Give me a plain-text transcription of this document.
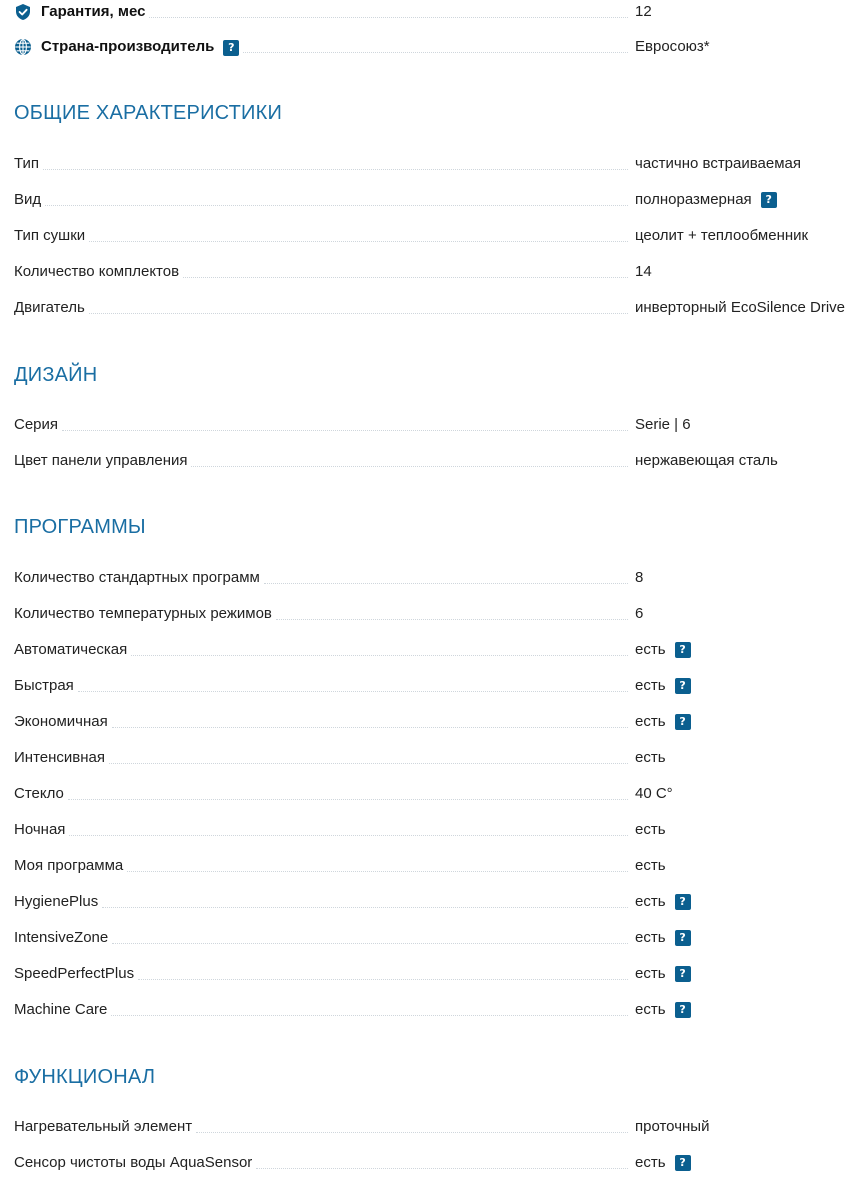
Гарантия, мес	12
Страна-производитель ?	Евросоюз*
ОБЩИЕ ХАРАКТЕРИСТИКИ
Тип	частично встраиваемая
Вид	полноразмерная	?
Тип сушки	цеолит + теплообменник
Количество комплектов	14
Двигатель	инверторный EcoSilence Drive
ДИЗАЙН
Серия	Serie | 6
Цвет панели управления	нержавеющая сталь
ПРОГРАММЫ
Количество стандартных программ	8
Количество температурных режимов	6
Автоматическая	есть	?
Быстрая	есть	?
Экономичная	есть	?
Интенсивная	есть
Стекло	40 C°
Ночная	есть
Моя программа	есть
HygienePlus	есть	?
IntensiveZone	есть	?
SpeedPerfectPlus	есть	?
Machine Care	есть	?
ФУНКЦИОНАЛ
Нагревательный элемент	проточный
Сенсор чистоты воды AquaSensor	есть	?
